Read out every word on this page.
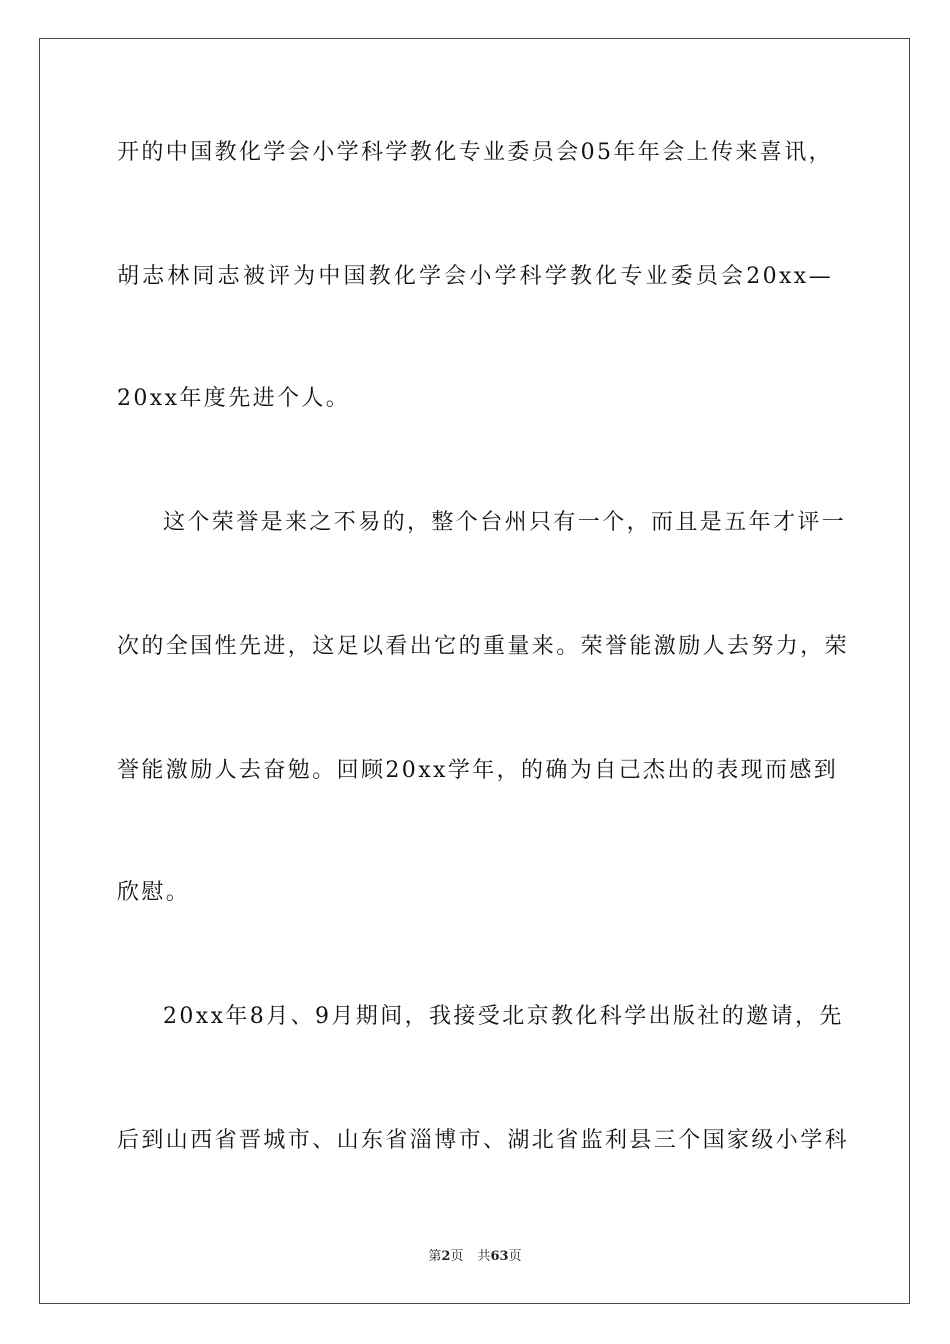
开的中国教化学会小学科学教化专业委员会05年年会上传来喜讯，
胡志林同志被评为中国教化学会小学科学教化专业委员会20xx—
20xx年度先进个人。
这个荣誉是来之不易的，整个台州只有一个，而且是五年才评一
次的全国性先进，这足以看出它的重量来。荣誉能激励人去努力，荣
誉能激励人去奋勉。回顾20xx学年，的确为自己杰出的表现而感到
欣慰。
20xx年8月、9月期间，我接受北京教化科学出版社的邀请，先
后到山西省晋城市、山东省淄博市、湖北省监利县三个国家级小学科
第2页 共63页
